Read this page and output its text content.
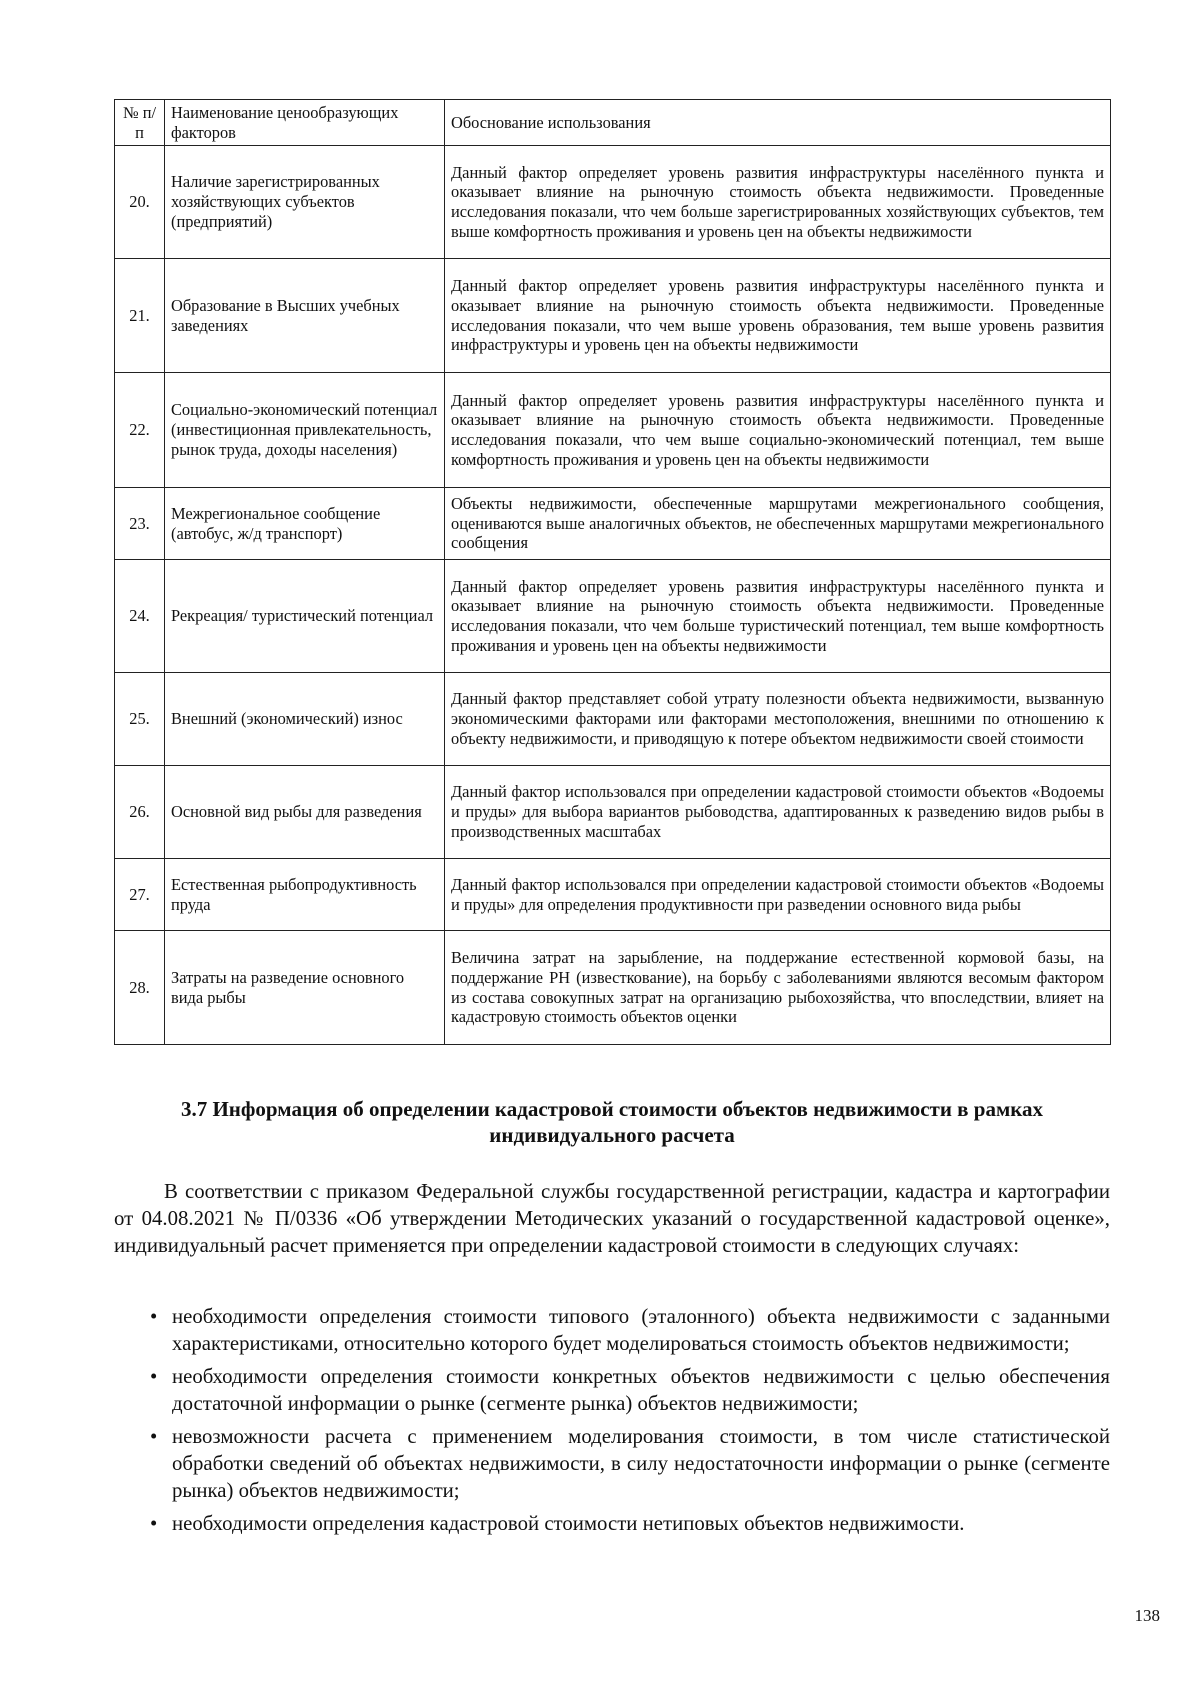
№ п/п	Наименование ценообразующих факторов	Обоснование использования
20.	Наличие зарегистрированных хозяйствующих субъектов (предприятий)	Данный фактор определяет уровень развития инфраструктуры населённого пункта и оказывает влияние на рыночную стоимость объекта недвижимости. Проведенные исследования показали, что чем больше зарегистрированных хозяйствующих субъектов, тем выше комфортность проживания и уровень цен на объекты недвижимости
21.	Образование в Высших учебных заведениях	Данный фактор определяет уровень развития инфраструктуры населённого пункта и оказывает влияние на рыночную стоимость объекта недвижимости. Проведенные исследования показали, что чем выше уровень образования, тем выше уровень развития инфраструктуры и уровень цен на объекты недвижимости
22.	Социально-экономический потенциал (инвестиционная привлекательность, рынок труда, доходы населения)	Данный фактор определяет уровень развития инфраструктуры населённого пункта и оказывает влияние на рыночную стоимость объекта недвижимости. Проведенные исследования показали, что чем выше социально-экономический потенциал, тем выше комфортность проживания и уровень цен на объекты недвижимости
23.	Межрегиональное сообщение (автобус, ж/д транспорт)	Объекты недвижимости, обеспеченные маршрутами межрегионального сообщения, оцениваются выше аналогичных объектов, не обеспеченных маршрутами межрегионального сообщения
24.	Рекреация/ туристический потенциал	Данный фактор определяет уровень развития инфраструктуры населённого пункта и оказывает влияние на рыночную стоимость объекта недвижимости. Проведенные исследования показали, что чем больше туристический потенциал, тем выше комфортность проживания и уровень цен на объекты недвижимости
25.	Внешний (экономический) износ	Данный фактор представляет собой утрату полезности объекта недвижимости, вызванную экономическими факторами или факторами местоположения, внешними по отношению к объекту недвижимости, и приводящую к потере объектом недвижимости своей стоимости
26.	Основной вид рыбы для разведения	Данный фактор использовался при определении кадастровой стоимости объектов «Водоемы и пруды» для выбора вариантов рыбоводства, адаптированных к разведению видов рыбы в производственных масштабах
27.	Естественная рыбопродуктивность пруда	Данный фактор использовался при определении кадастровой стоимости объектов «Водоемы и пруды» для определения продуктивности при разведении основного вида рыбы
28.	Затраты на разведение основного вида рыбы	Величина затрат на зарыбление, на поддержание естественной кормовой базы, на поддержание РН (известкование), на борьбу с заболеваниями являются весомым фактором из состава совокупных затрат на организацию рыбохозяйства, что впоследствии, влияет на кадастровую стоимость объектов оценки
3.7 Информация об определении кадастровой стоимости объектов недвижимости в рамках индивидуального расчета

В соответствии с приказом Федеральной службы государственной регистрации, кадастра и картографии от 04.08.2021 № П/0336 «Об утверждении Методических указаний о государственной кадастровой оценке», индивидуальный расчет применяется при определении кадастровой стоимости в следующих случаях:

• необходимости определения стоимости типового (эталонного) объекта недвижимости с заданными характеристиками, относительно которого будет моделироваться стоимость объектов недвижимости;
• необходимости определения стоимости конкретных объектов недвижимости с целью обеспечения достаточной информации о рынке (сегменте рынка) объектов недвижимости;
• невозможности расчета с применением моделирования стоимости, в том числе статистической обработки сведений об объектах недвижимости, в силу недостаточности информации о рынке (сегменте рынка) объектов недвижимости;
• необходимости определения кадастровой стоимости нетиповых объектов недвижимости.
138
